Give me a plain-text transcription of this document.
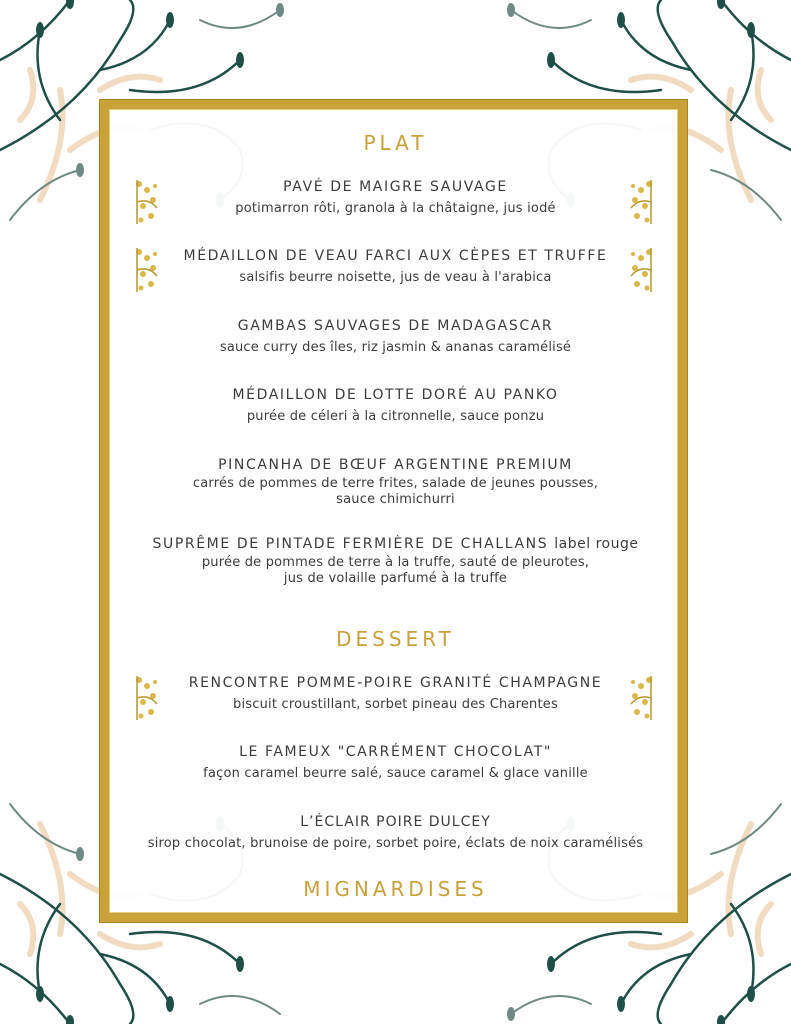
PLAT
PAVÉ DE MAIGRE SAUVAGE
potimarron rôti, granola à la châtaigne, jus iodé
MÉDAILLON DE VEAU FARCI AUX CÈPES ET TRUFFE
salsifis beurre noisette, jus de veau à l'arabica
GAMBAS SAUVAGES DE MADAGASCAR
sauce curry des îles, riz jasmin & ananas caramélisé
MÉDAILLON DE LOTTE DORÉ AU PANKO
purée de céleri à la citronnelle, sauce ponzu
PINCANHA DE BŒUF ARGENTINE PREMIUM
carrés de pommes de terre frites, salade de jeunes pousses,
sauce chimichurri
SUPRÊME DE PINTADE FERMIÈRE DE CHALLANS label rouge
purée de pommes de terre à la truffe, sauté de pleurotes,
jus de volaille parfumé à la truffe
DESSERT
RENCONTRE POMME-POIRE GRANITÉ CHAMPAGNE
biscuit croustillant, sorbet pineau des Charentes
LE FAMEUX "CARRÉMENT CHOCOLAT"
façon caramel beurre salé, sauce caramel & glace vanille
L’ÉCLAIR POIRE DULCEY
sirop chocolat, brunoise de poire, sorbet poire, éclats de noix caramélisés
MIGNARDISES
